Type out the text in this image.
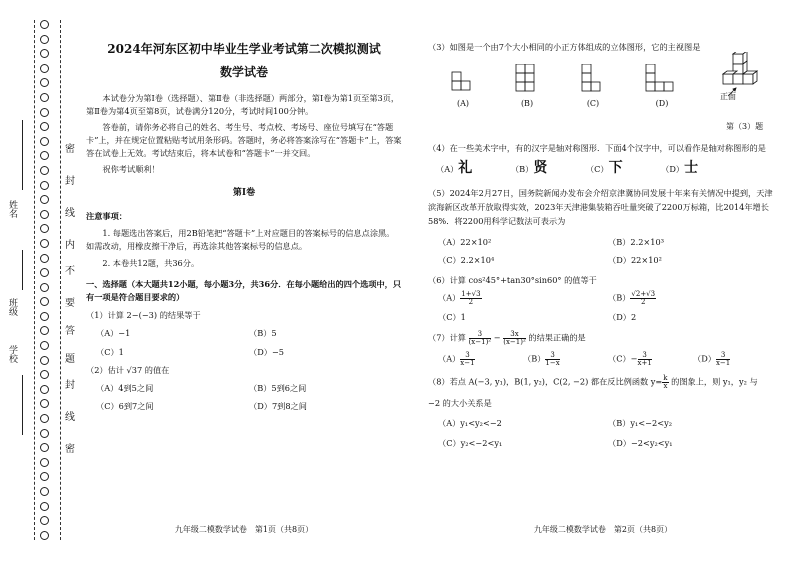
姓名
班级
学校
密
封
线
内
不
要
答
题
封
线
密
2024年河东区初中毕业生学业考试第二次模拟测试
数学试卷
本试卷分为第Ⅰ卷（选择题）、第Ⅱ卷（非选择题）两部分，第Ⅰ卷为第1页至第3页，第Ⅱ卷为第4页至第8页，试卷满分120分，考试时间100分钟。
答卷前，请你务必将自己的姓名、考生号、考点校、考场号、座位号填写在“答题卡”上，并在规定位置粘贴考试用条形码。答题时，务必将答案涂写在“答题卡”上，答案答在试卷上无效。考试结束后，将本试卷和“答题卡”一并交回。
祝你考试顺利！
第Ⅰ卷
注意事项：
1. 每题选出答案后，用2B铅笔把“答题卡”上对应题目的答案标号的信息点涂黑。如需改动，用橡皮擦干净后，再选涂其他答案标号的信息点。
2. 本卷共12题，共36分。
一、选择题（本大题共12小题，每小题3分，共36分．在每小题给出的四个选项中，只有一项是符合题目要求的）
（1）计算 2−(−3) 的结果等于
（A）−1	（B）5
（C）1	（D）−5
（2）估计 √37 的值在
（A）4到5之间	（B）5到6之间
（C）6到7之间	（D）7到8之间
九年级二模数学试卷　第1页（共8页）
（3）如图是一个由7个大小相同的小正方体组成的立体图形，它的主视图是
(A)	(B)	(C)	(D)
正面
第（3）题
（4）在一些美术字中，有的汉字是轴对称图形．下面4个汉字中，可以看作是轴对称图形的是
（A）礼	（B）贤	（C）下	（D）士
（5）2024年2月27日，国务院新闻办发布会介绍京津冀协同发展十年来有关情况中提到，天津滨海新区改革开放取得实效，2023年天津港集装箱吞吐量突破了2200万标箱，比2014年增长58%．将2200用科学记数法可表示为
（A）22×10²	（B）2.2×10³
（C）2.2×10⁴	（D）22×10²
（6）计算 cos²45°+tan30°sin60° 的值等于
$(A) \frac{1+√3}{2}$	$(B) \frac{√2+√3}{2}$
（C）1	（D）2
（7）计算 $\frac{3}{\text{(x−1)²}} - \frac{3x}{\text{(x−1)²}}$ 的结果正确的是
$(A) \frac{3}{x-1}$	$(B) \frac{3}{1-x}$	$(C)- \frac{3}{x+1}$	$(D) \frac{3}{x-1}$
（8）若点 A(−3, y₁)，B(1, y₂)，C(2, −2) 都在反比例函数 $y= \frac{k}{x}$ 的图象上，则 y₁，y₂ 与
−2 的大小关系是
（A）y₁<y₂<−2	（B）y₁<−2<y₂
（C）y₂<−2<y₁	（D）−2<y₂<y₁
九年级二模数学试卷　第2页（共8页）
